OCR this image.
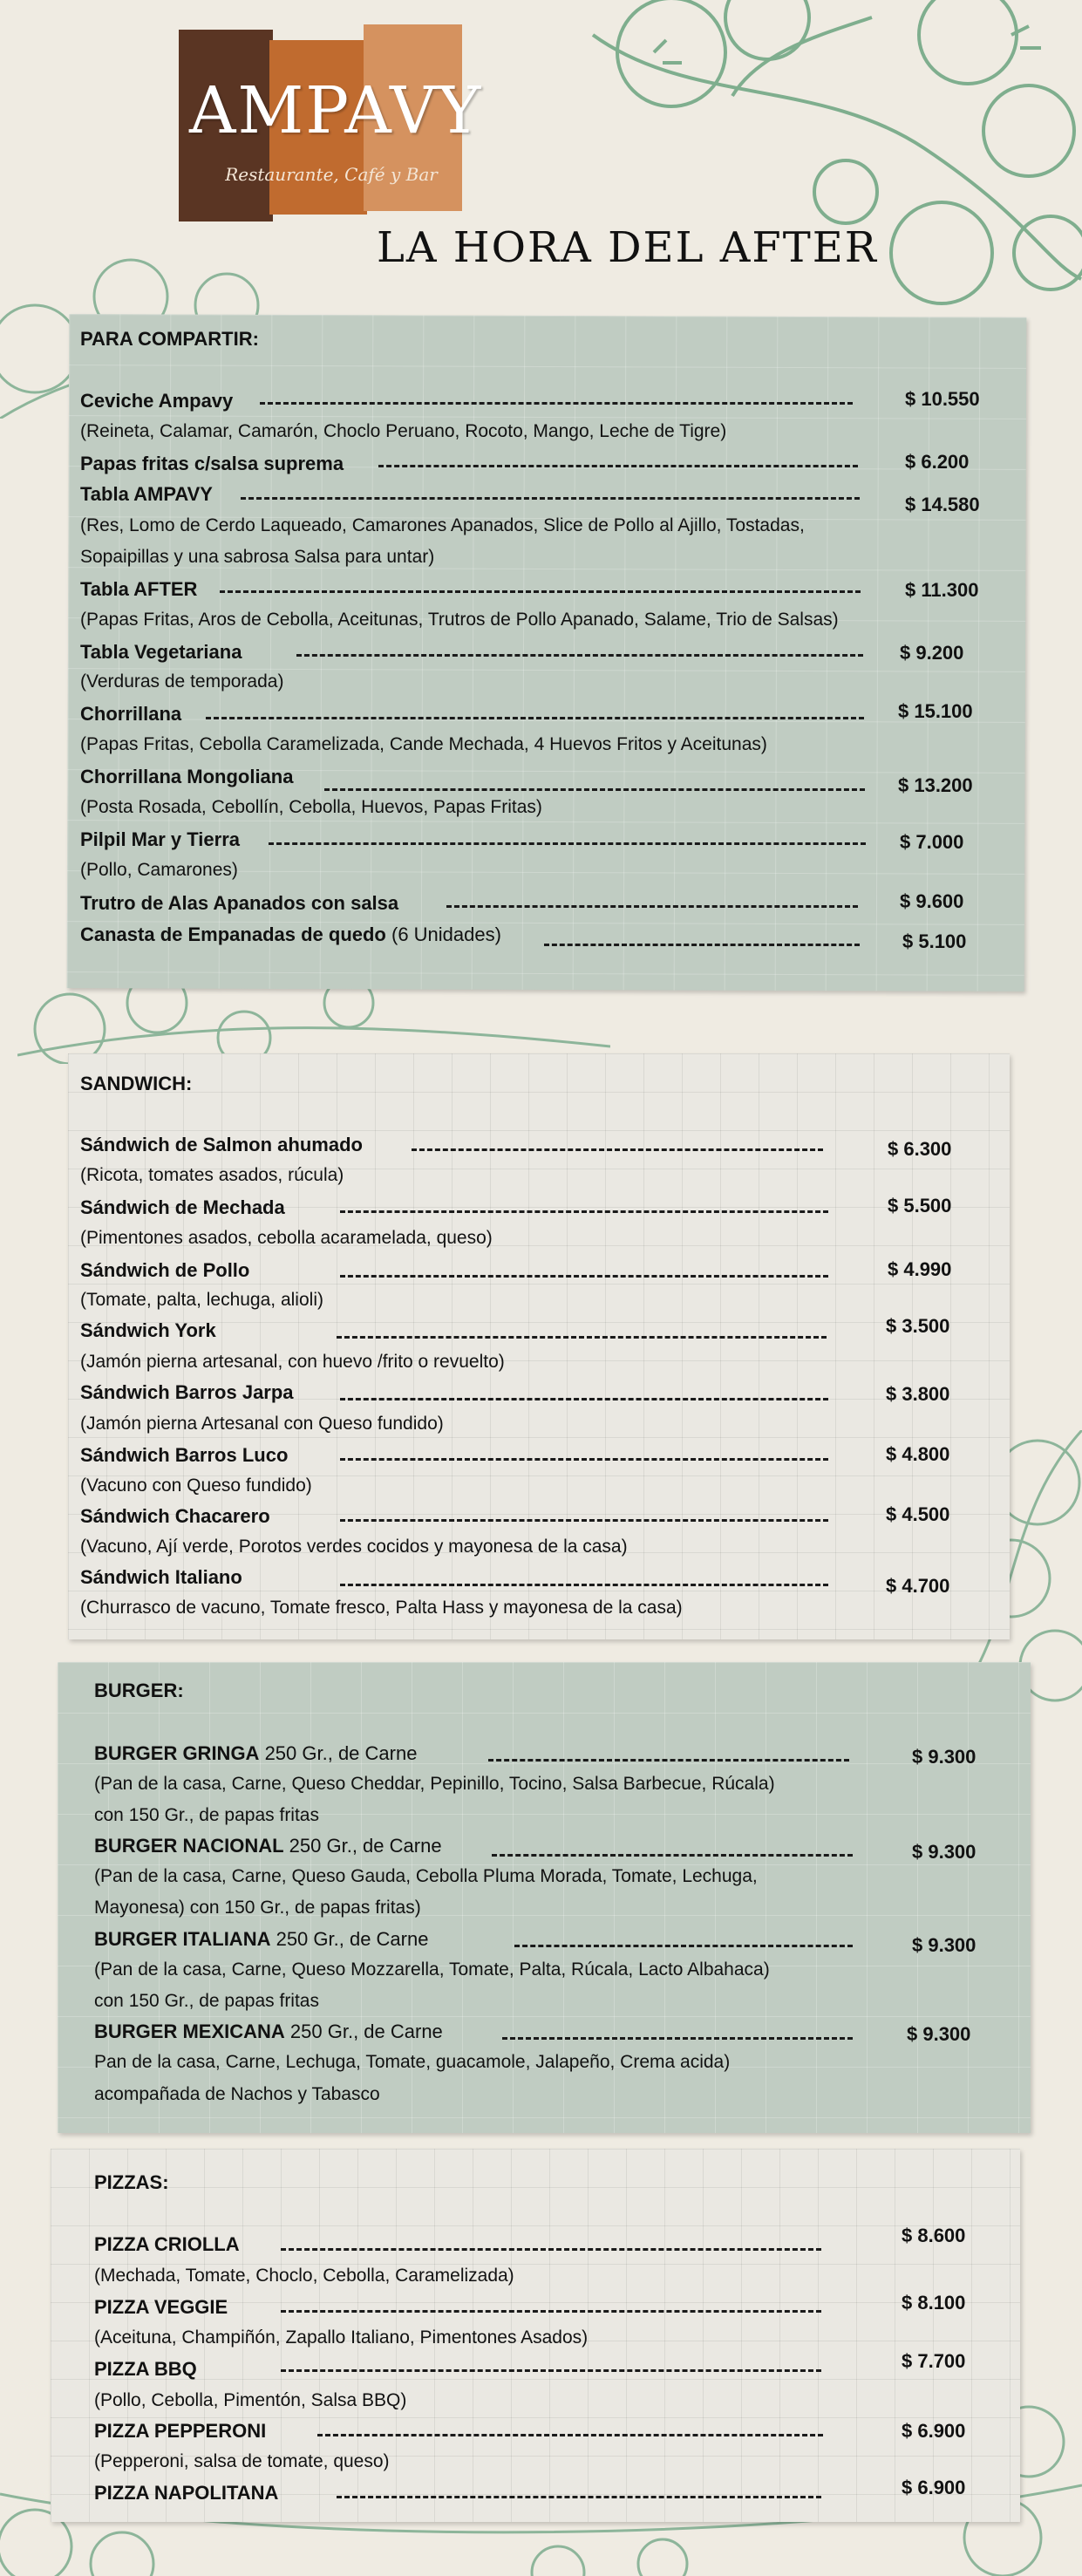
AMPAVY
Restaurante, Café y Bar
LA HORA DEL AFTER
PARA COMPARTIR:
Ceviche Ampavy	$ 10.550
(Reineta, Calamar, Camarón, Choclo Peruano, Rocoto, Mango, Leche de Tigre)
Papas fritas c/salsa suprema	$ 6.200
Tabla AMPAVY	$ 14.580
(Res, Lomo de Cerdo Laqueado, Camarones Apanados, Slice de Pollo al Ajillo, Tostadas,
Sopaipillas y una sabrosa Salsa para untar)
Tabla AFTER	$ 11.300
(Papas Fritas, Aros de Cebolla, Aceitunas, Trutros de Pollo Apanado, Salame, Trio de Salsas)
Tabla Vegetariana	$ 9.200
(Verduras de temporada)
Chorrillana	$ 15.100
(Papas Fritas, Cebolla Caramelizada, Cande Mechada, 4 Huevos Fritos y Aceitunas)
Chorrillana Mongoliana	$ 13.200
(Posta Rosada, Cebollín, Cebolla, Huevos, Papas Fritas)
Pilpil Mar y Tierra	$ 7.000
(Pollo, Camarones)
Trutro de Alas Apanados con salsa	$ 9.600
Canasta de Empanadas de quedo (6 Unidades)	$ 5.100
SANDWICH:
Sándwich de Salmon ahumado	$ 6.300
(Ricota, tomates asados, rúcula)
Sándwich de Mechada	$ 5.500
(Pimentones asados, cebolla acaramelada, queso)
Sándwich de Pollo	$ 4.990
(Tomate, palta, lechuga, alioli)
Sándwich York	$ 3.500
(Jamón pierna artesanal, con huevo /frito o revuelto)
Sándwich Barros Jarpa	$ 3.800
(Jamón pierna Artesanal con Queso fundido)
Sándwich Barros Luco	$ 4.800
(Vacuno con Queso fundido)
Sándwich Chacarero	$ 4.500
(Vacuno, Ají verde, Porotos verdes cocidos y mayonesa de la casa)
Sándwich Italiano	$ 4.700
(Churrasco de vacuno, Tomate fresco, Palta Hass y mayonesa de la casa)
BURGER:
BURGER GRINGA 250 Gr., de Carne	$ 9.300
(Pan de la casa, Carne, Queso Cheddar, Pepinillo, Tocino, Salsa Barbecue, Rúcala)
con 150 Gr., de papas fritas
BURGER NACIONAL 250 Gr., de Carne	$ 9.300
(Pan de la casa, Carne, Queso Gauda, Cebolla Pluma Morada, Tomate, Lechuga,
Mayonesa) con 150 Gr., de papas fritas)
BURGER ITALIANA 250 Gr., de Carne	$ 9.300
(Pan de la casa, Carne, Queso Mozzarella, Tomate, Palta, Rúcala, Lacto Albahaca)
con 150 Gr., de papas fritas
BURGER MEXICANA 250 Gr., de Carne	$ 9.300
Pan de la casa, Carne, Lechuga, Tomate, guacamole, Jalapeño, Crema acida)
acompañada de Nachos y Tabasco
PIZZAS:
PIZZA CRIOLLA	$ 8.600
(Mechada, Tomate, Choclo, Cebolla, Caramelizada)
PIZZA VEGGIE	$ 8.100
(Aceituna, Champiñón, Zapallo Italiano, Pimentones Asados)
PIZZA BBQ	$ 7.700
(Pollo, Cebolla, Pimentón, Salsa BBQ)
PIZZA PEPPERONI	$ 6.900
(Pepperoni, salsa de tomate, queso)
PIZZA NAPOLITANA	$ 6.900
